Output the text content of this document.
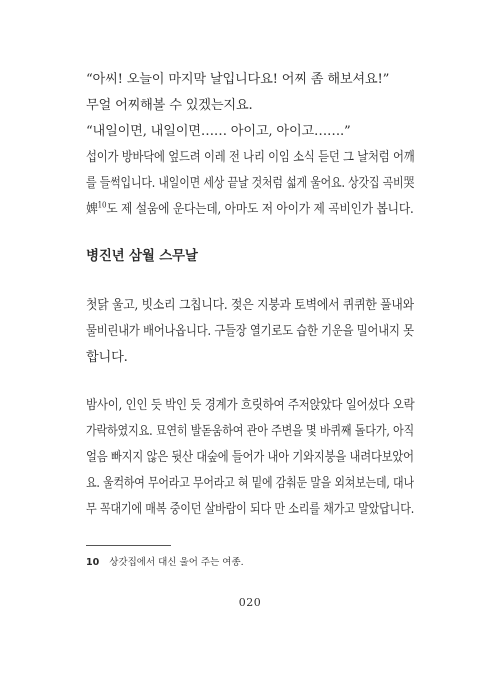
“아씨! 오늘이 마지막 날입니다요! 어찌 좀 해보셔요!”
무얼 어찌해볼 수 있겠는지요.
“내일이면, 내일이면…… 아이고, 아이고…….”
섭이가 방바닥에 엎드려 이레 전 나리 이임 소식 듣던 그 날처럼 어깨
를 들썩입니다. 내일이면 세상 끝날 것처럼 섧게 울어요. 상갓집 곡비哭
婢$^{10}$도 제 설움에 운다는데, 아마도 저 아이가 제 곡비인가 봅니다.
병진년 삼월 스무날
첫닭 울고, 빗소리 그칩니다. 젖은 지붕과 토벽에서 퀴퀴한 풀내와
물비린내가 배어나옵니다. 구들장 열기로도 습한 기운을 밀어내지 못
합니다.
밤사이, 인인 듯 박인 듯 경계가 흐릿하여 주저앉았다 일어섰다 오락
가락하였지요. 묘연히 발돋움하여 관아 주변을 몇 바퀴째 돌다가, 아직
얼음 빠지지 않은 뒷산 대숲에 들어가 내아 기와지붕을 내려다보았어
요. 울컥하여 무어라고 무어라고 혀 밑에 감춰둔 말을 외쳐보는데, 대나
무 꼭대기에 매복 중이던 살바람이 되다 만 소리를 채가고 말았답니다.
10 상갓집에서 대신 울어 주는 여종.
020
